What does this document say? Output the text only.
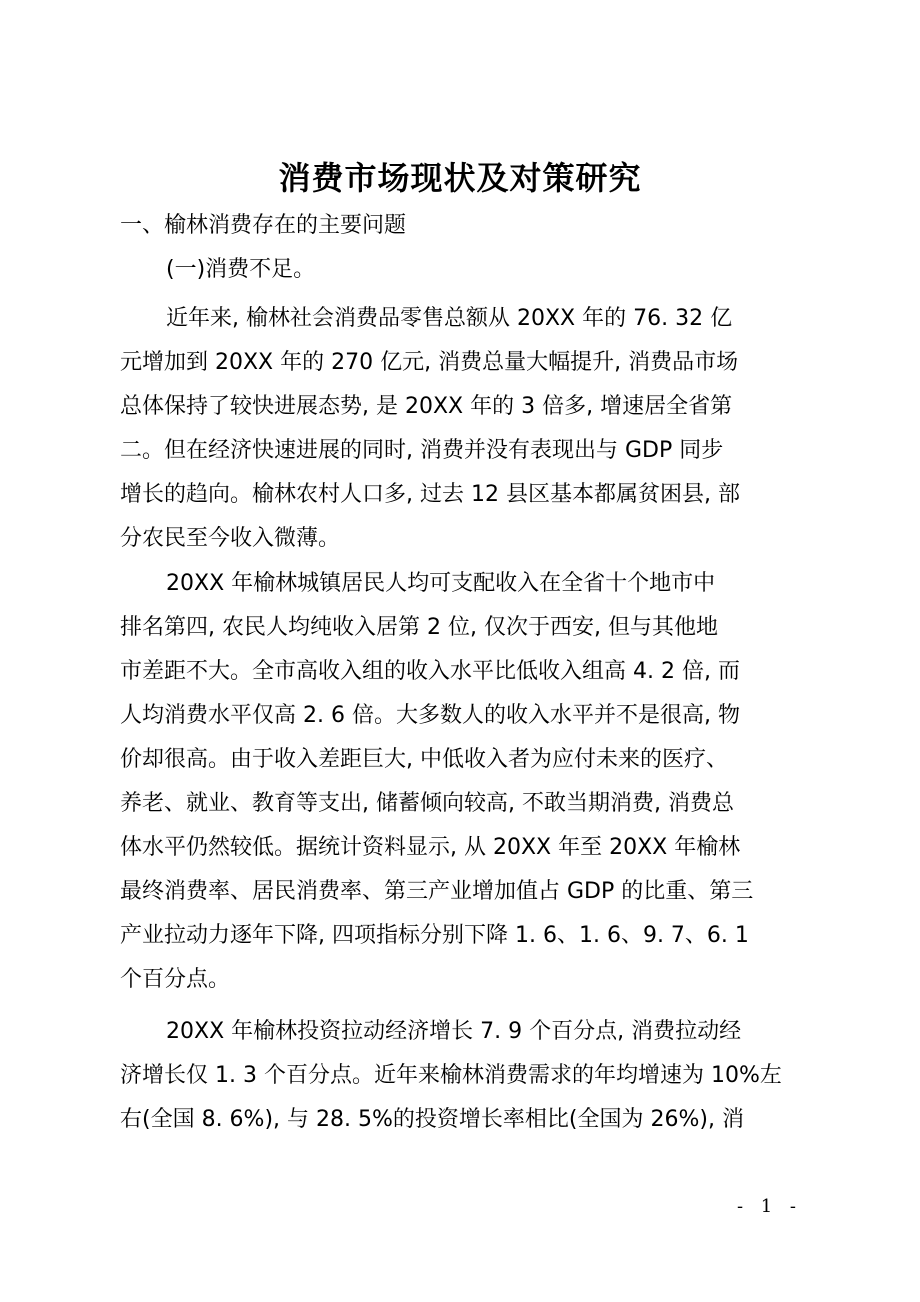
消费市场现状及对策研究
一、榆林消费存在的主要问题
(一)消费不足。
近年来, 榆林社会消费品零售总额从 20XX 年的 76. 32 亿
元增加到 20XX 年的 270 亿元, 消费总量大幅提升, 消费品市场
总体保持了较快进展态势, 是 20XX 年的 3 倍多, 增速居全省第
二。但在经济快速进展的同时, 消费并没有表现出与 GDP 同步
增长的趋向。榆林农村人口多, 过去 12 县区基本都属贫困县, 部
分农民至今收入微薄。
20XX 年榆林城镇居民人均可支配收入在全省十个地市中
排名第四, 农民人均纯收入居第 2 位, 仅次于西安, 但与其他地
市差距不大。全市高收入组的收入水平比低收入组高 4. 2 倍, 而
人均消费水平仅高 2. 6 倍。大多数人的收入水平并不是很高, 物
价却很高。由于收入差距巨大, 中低收入者为应付未来的医疗、
养老、就业、教育等支出, 储蓄倾向较高, 不敢当期消费, 消费总
体水平仍然较低。据统计资料显示, 从 20XX 年至 20XX 年榆林
最终消费率、居民消费率、第三产业增加值占 GDP 的比重、第三
产业拉动力逐年下降, 四项指标分别下降 1. 6、1. 6、9. 7、6. 1
个百分点。
20XX 年榆林投资拉动经济增长 7. 9 个百分点, 消费拉动经
济增长仅 1. 3 个百分点。近年来榆林消费需求的年均增速为 10%左
右(全国 8. 6%), 与 28. 5%的投资增长率相比(全国为 26%), 消
- 1 -
